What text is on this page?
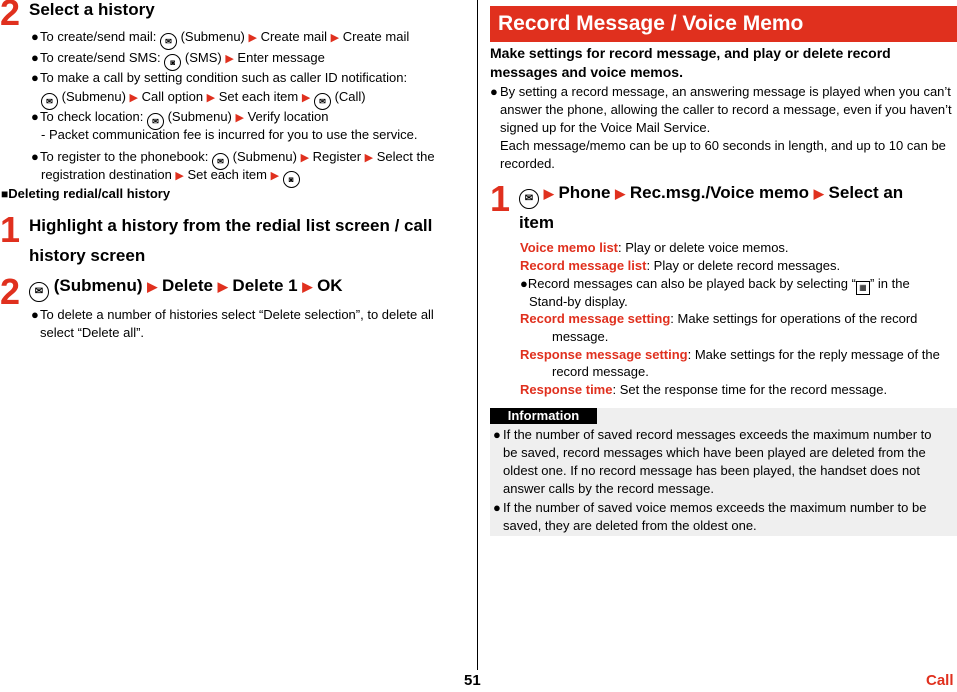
2 Select a history
● To create/send mail: ✉ (Submenu) ▶ Create mail ▶ Create mail
● To create/send SMS: ◙ (SMS) ▶ Enter message
● To make a call by setting condition such as caller ID notification:
✉ (Submenu) ▶ Call option ▶ Set each item ▶ ✉ (Call)
● To check location: ✉ (Submenu) ▶ Verify location
- Packet communication fee is incurred for you to use the service.
● To register to the phonebook: ✉ (Submenu) ▶ Register ▶ Select the
registration destination ▶ Set each item ▶ ◙
■Deleting redial/call history
1 Highlight a history from the redial list screen / call
history screen
2	✉ (Submenu) ▶ Delete ▶ Delete 1 ▶ OK
● To delete a number of histories select “Delete selection”, to delete all
select “Delete all”.
Record Message / Voice Memo
Make settings for record message, and play or delete record
messages and voice memos.
● By setting a record message, an answering message is played when you can’t
answer the phone, allowing the caller to record a message, even if you haven’t
signed up for the Voice Mail Service.
Each message/memo can be up to 60 seconds in length, and up to 10 can be
recorded.
1	✉ ▶ Phone ▶ Rec.msg./Voice memo ▶ Select an
item
Voice memo list: Play or delete voice memos.
Record message list: Play or delete record messages.
●Record messages can also be played back by selecting “ ▦ ” in the
Stand-by display.
Record message setting: Make settings for operations of the record
message.
Response message setting: Make settings for the reply message of the
record message.
Response time: Set the response time for the record message.
Information
● If the number of saved record messages exceeds the maximum number to
be saved, record messages which have been played are deleted from the
oldest one. If no record message has been played, the handset does not
answer calls by the record message.
● If the number of saved voice memos exceeds the maximum number to be
saved, they are deleted from the oldest one.
51	Call
